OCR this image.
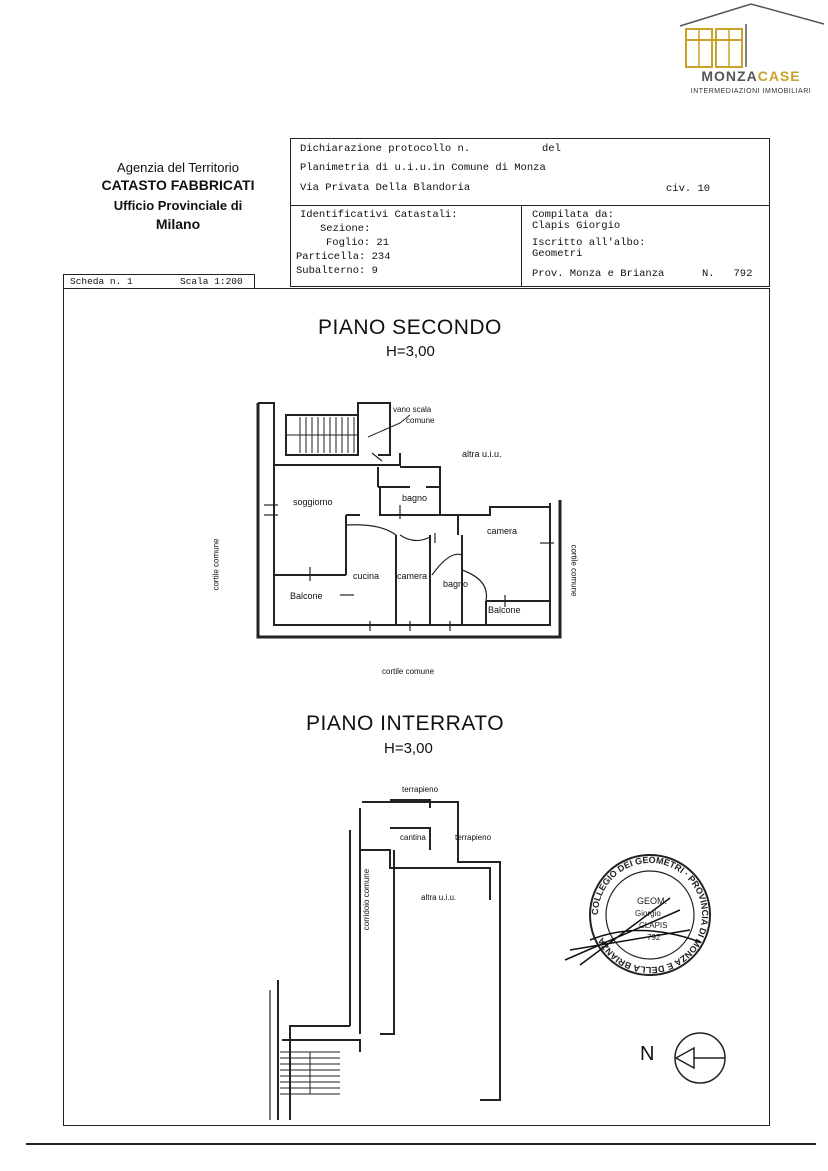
MONZACASE
INTERMEDIAZIONI IMMOBILIARI
Agenzia del Territorio
CATASTO FABBRICATI
Ufficio Provinciale di
Milano
Dichiarazione protocollo n.	del
Planimetria di u.i.u.in Comune di Monza
Via Privata Della Blandoria	civ. 10
Identificativi Catastali:
Sezione:
Foglio: 21
Particella: 234
Subalterno: 9
Compilata da:
Clapis Giorgio
Iscritto all'albo:
Geometri
Prov. Monza e Brianza	N.   792
Scheda n. 1	Scala 1:200
PIANO SECONDO
H=3,00
vano scala
comune
altra u.i.u.
bagno
soggiorno
camera
cucina camera
bagno
Balcone
Balcone
cortile comune	cortile comune
cortile comune
PIANO INTERRATO
H=3,00
terrapieno
cantina	terrapieno
corridoio comune	altra u.i.u.
COLLEGIO DEI GEOMETRI · PROVINCIA DI MONZA E DELLA BRIANZA
GEOM.
Giorgio
CLAPIS
792
N
